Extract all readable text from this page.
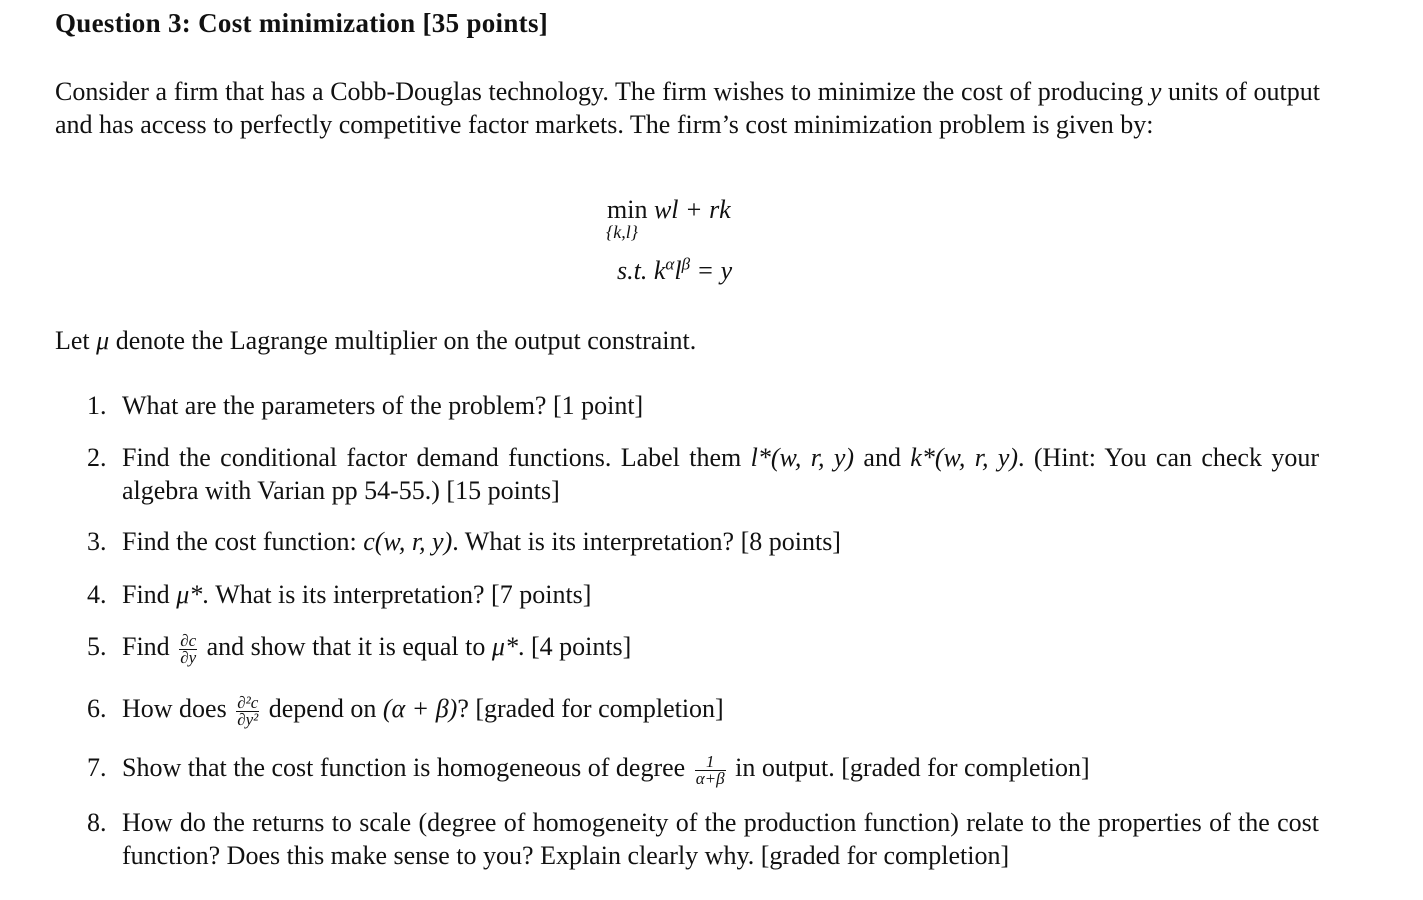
Question 3: Cost minimization [35 points]
Consider a firm that has a Cobb-Douglas technology. The firm wishes to minimize the cost of producing y units of output and has access to perfectly competitive factor markets. The firm’s cost minimization problem is given by:
min wl + rk
{k,l}
s.t. $k^\alpha l^\beta = y$
Let μ denote the Lagrange multiplier on the output constraint.
1. What are the parameters of the problem? [1 point]
2. Find the conditional factor demand functions. Label them l*(w, r, y) and k*(w, r, y). (Hint: You can check your algebra with Varian pp 54-55.) [15 points]
3. Find the cost function: c(w, r, y). What is its interpretation? [8 points]
4. Find μ*. What is its interpretation? [7 points]
5. Find $\frac{\partial c}{\partial y}$ and show that it is equal to μ*. [4 points]
6. How does $\frac{\text{∂²c}}{\text{∂y²}}$ depend on (α + β)? [graded for completion]
7. Show that the cost function is homogeneous of degree $\frac{1}{\alpha+\beta}$ in output. [graded for completion]
8. How do the returns to scale (degree of homogeneity of the production function) relate to the properties of the cost function? Does this make sense to you? Explain clearly why. [graded for completion]
